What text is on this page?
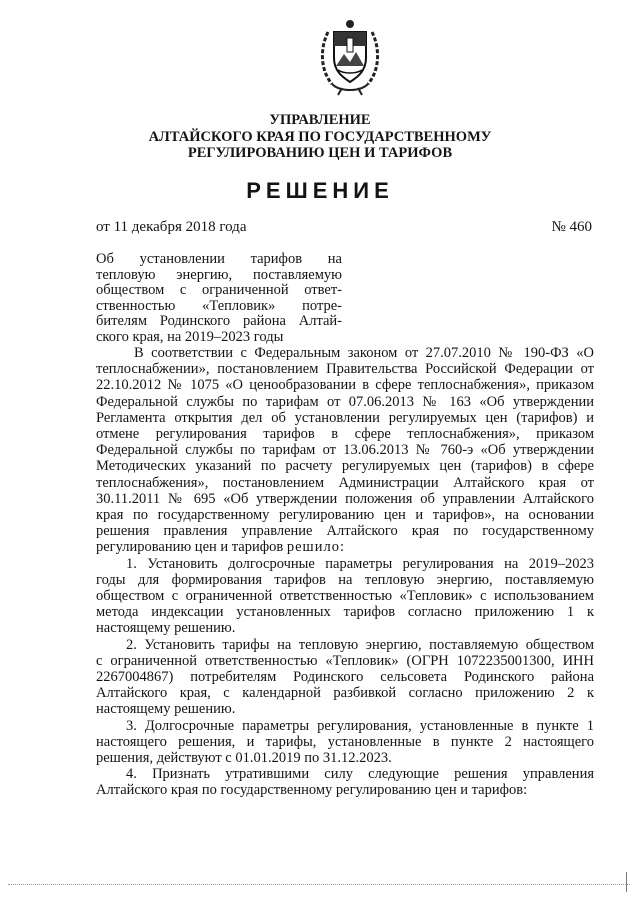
УПРАВЛЕНИЕ
АЛТАЙСКОГО КРАЯ ПО ГОСУДАРСТВЕННОМУ
РЕГУЛИРОВАНИЮ ЦЕН И ТАРИФОВ
РЕШЕНИЕ
от 11 декабря 2018 года	№ 460
Об установлении тарифов на
тепловую энергию, поставляемую
обществом с ограниченной ответ-
ственностью «Тепловик» потре-
бителям Родинского района Алтай-
ского края, на 2019–2023 годы
В соответствии с Федеральным законом от 27.07.2010 № 190-ФЗ «О
теплоснабжении», постановлением Правительства Российской Федерации от
22.10.2012 № 1075 «О ценообразовании в сфере теплоснабжения», приказом
Федеральной службы по тарифам от 07.06.2013 № 163 «Об утверждении
Регламента открытия дел об установлении регулируемых цен (тарифов) и
отмене регулирования тарифов в сфере теплоснабжения», приказом
Федеральной службы по тарифам от 13.06.2013 № 760-э «Об утверждении
Методических указаний по расчету регулируемых цен (тарифов) в сфере
теплоснабжения», постановлением Администрации Алтайского края от
30.11.2011 № 695 «Об утверждении положения об управлении Алтайского
края по государственному регулированию цен и тарифов», на основании
решения правления управление Алтайского края по государственному
регулированию цен и тарифов решило:
1. Установить долгосрочные параметры регулирования на 2019–2023
годы для формирования тарифов на тепловую энергию, поставляемую
обществом с ограниченной ответственностью «Тепловик» с использованием
метода индексации установленных тарифов согласно приложению 1 к
настоящему решению.
2. Установить тарифы на тепловую энергию, поставляемую обществом
с ограниченной ответственностью «Тепловик» (ОГРН 1072235001300, ИНН
2267004867) потребителям Родинского сельсовета Родинского района
Алтайского края, с календарной разбивкой согласно приложению 2 к
настоящему решению.
3. Долгосрочные параметры регулирования, установленные в пункте 1
настоящего решения, и тарифы, установленные в пункте 2 настоящего
решения, действуют с 01.01.2019 по 31.12.2023.
4. Признать утратившими силу следующие решения управления
Алтайского края по государственному регулированию цен и тарифов:
